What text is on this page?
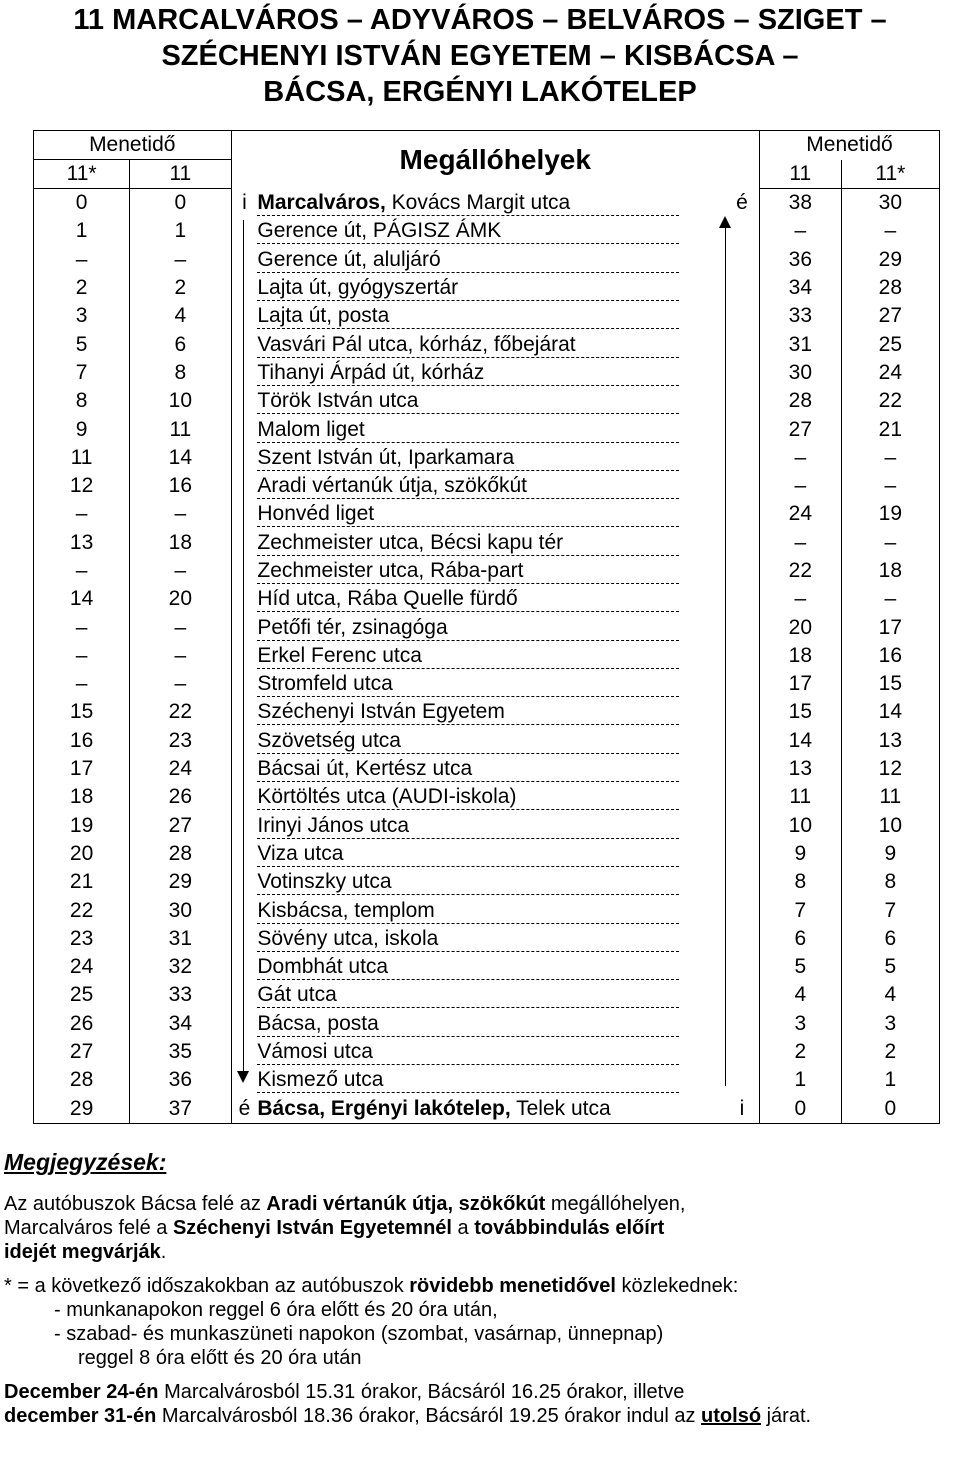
11 MARCALVÁROS – ADYVÁROS – BELVÁROS – SZIGET –
SZÉCHENYI ISTVÁN EGYETEM – KISBÁCSA –
BÁCSA, ERGÉNYI LAKÓTELEP
Menetidő		Megállóhelyek			Menetidő	
11*	11				11	11*
0	0	i	Marcalváros, Kovács Margit utca	é	38	30
1	1		Gerence út, PÁGISZ ÁMK		–	–
–	–		Gerence út, aluljáró		36	29
2	2		Lajta út, gyógyszertár		34	28
3	4		Lajta út, posta		33	27
5	6		Vasvári Pál utca, kórház, főbejárat		31	25
7	8		Tihanyi Árpád út, kórház		30	24
8	10		Török István utca		28	22
9	11		Malom liget		27	21
11	14		Szent István út, Iparkamara		–	–
12	16		Aradi vértanúk útja, szökőkút		–	–
–	–		Honvéd liget		24	19
13	18		Zechmeister utca, Bécsi kapu tér		–	–
–	–		Zechmeister utca, Rába-part		22	18
14	20		Híd utca, Rába Quelle fürdő		–	–
–	–		Petőfi tér, zsinagóga		20	17
–	–		Erkel Ferenc utca		18	16
–	–		Stromfeld utca		17	15
15	22		Széchenyi István Egyetem		15	14
16	23		Szövetség utca		14	13
17	24		Bácsai út, Kertész utca		13	12
18	26		Körtöltés utca (AUDI-iskola)		11	11
19	27		Irinyi János utca		10	10
20	28		Viza utca		9	9
21	29		Votinszky utca		8	8
22	30		Kisbácsa, templom		7	7
23	31		Sövény utca, iskola		6	6
24	32		Dombhát utca		5	5
25	33		Gát utca		4	4
26	34		Bácsa, posta		3	3
27	35		Vámosi utca		2	2
28	36		Kismező utca		1	1
29	37	é	Bácsa, Ergényi lakótelep, Telek utca	i	0	0

Megjegyzések:

Az autóbuszok Bácsa felé az Aradi vértanúk útja, szökőkút megállóhelyen,
Marcalváros felé a Széchenyi István Egyetemnél a továbbindulás előírt
idejét megvárják.

* = a következő időszakokban az autóbuszok rövidebb menetidővel közlekednek:

- munkanapokon reggel 6 óra előtt és 20 óra után,

- szabad- és munkaszüneti napokon (szombat, vasárnap, ünnepnap)

reggel 8 óra előtt és 20 óra után

December 24-én Marcalvárosból 15.31 órakor, Bácsáról 16.25 órakor, illetve
december 31-én Marcalvárosból 18.36 órakor, Bácsáról 19.25 órakor indul az utolsó járat.
